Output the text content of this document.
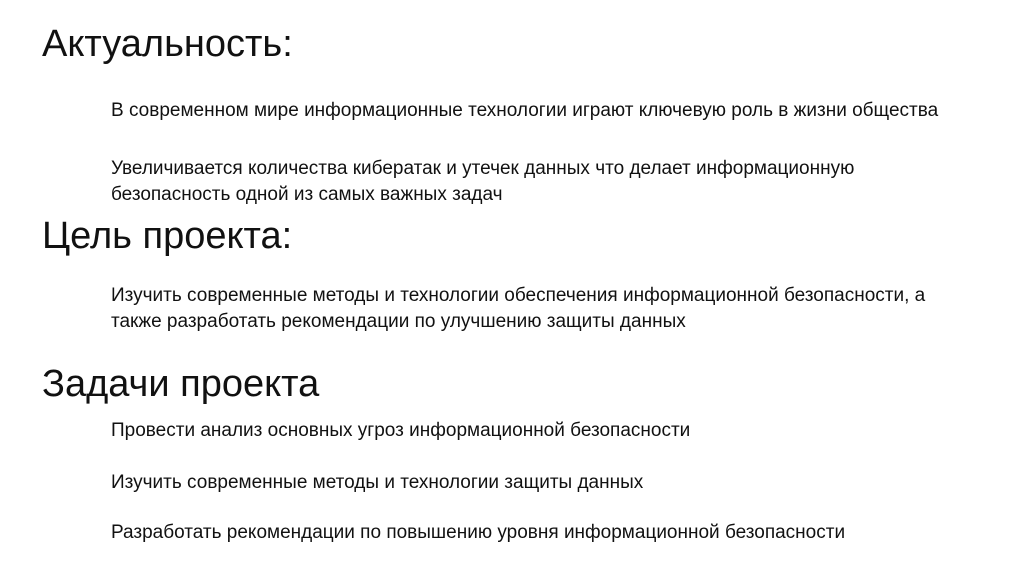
Актуальность:

В современном мире информационные технологии играют ключевую роль в жизни общества

Увеличивается количества кибератак и утечек данных что делает информационную

безопасность одной из самых важных задач

Цель проекта:

Изучить современные методы и технологии обеспечения информационной безопасности, а

также разработать рекомендации по улучшению защиты данных

Задачи проекта

Провести анализ основных угроз информационной безопасности

Изучить современные методы и технологии защиты данных

Разработать рекомендации по повышению уровня информационной безопасности
